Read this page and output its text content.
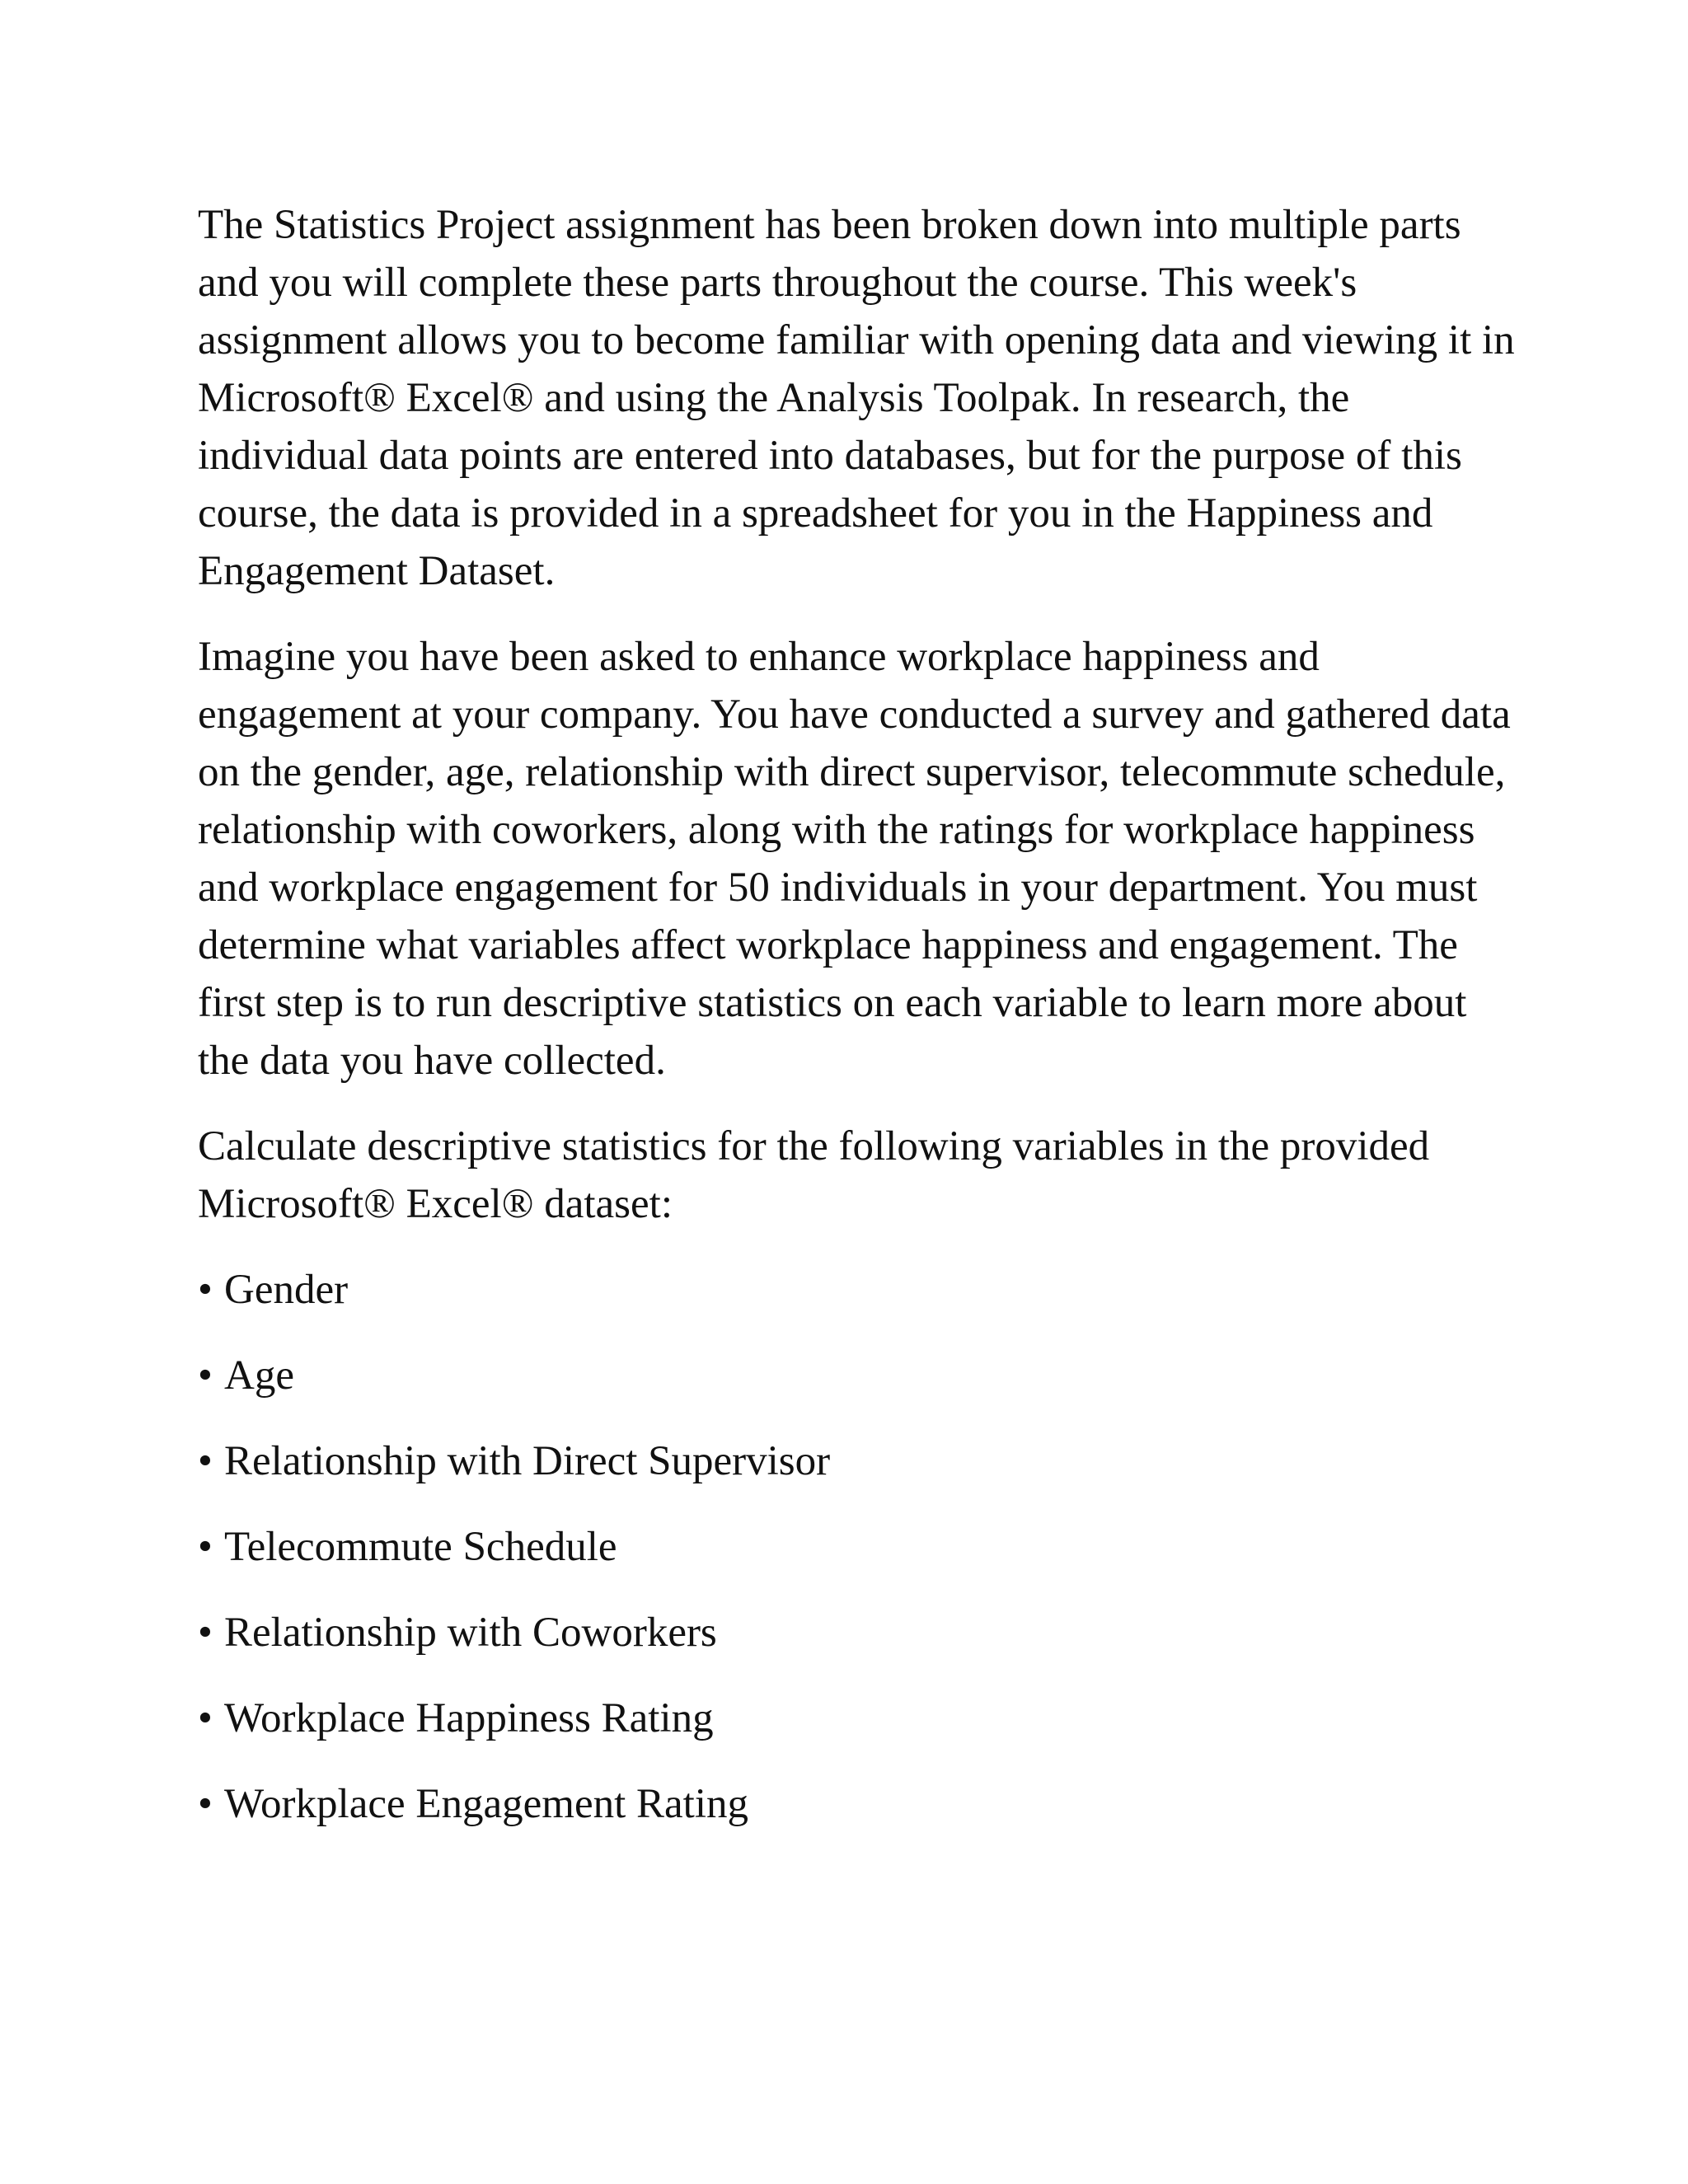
The Statistics Project assignment has been broken down into multiple parts and you will complete these parts throughout the course. This week's assignment allows you to become familiar with opening data and viewing it in Microsoft® Excel® and using the Analysis Toolpak. In research, the individual data points are entered into databases, but for the purpose of this course, the data is provided in a spreadsheet for you in the Happiness and Engagement Dataset.

Imagine you have been asked to enhance workplace happiness and engagement at your company. You have conducted a survey and gathered data on the gender, age, relationship with direct supervisor, telecommute schedule, relationship with coworkers, along with the ratings for workplace happiness and workplace engagement for 50 individuals in your department. You must determine what variables affect workplace happiness and engagement. The first step is to run descriptive statistics on each variable to learn more about the data you have collected.

Calculate descriptive statistics for the following variables in the provided Microsoft® Excel® dataset:

• Gender
• Age
• Relationship with Direct Supervisor
• Telecommute Schedule
• Relationship with Coworkers
• Workplace Happiness Rating
• Workplace Engagement Rating
